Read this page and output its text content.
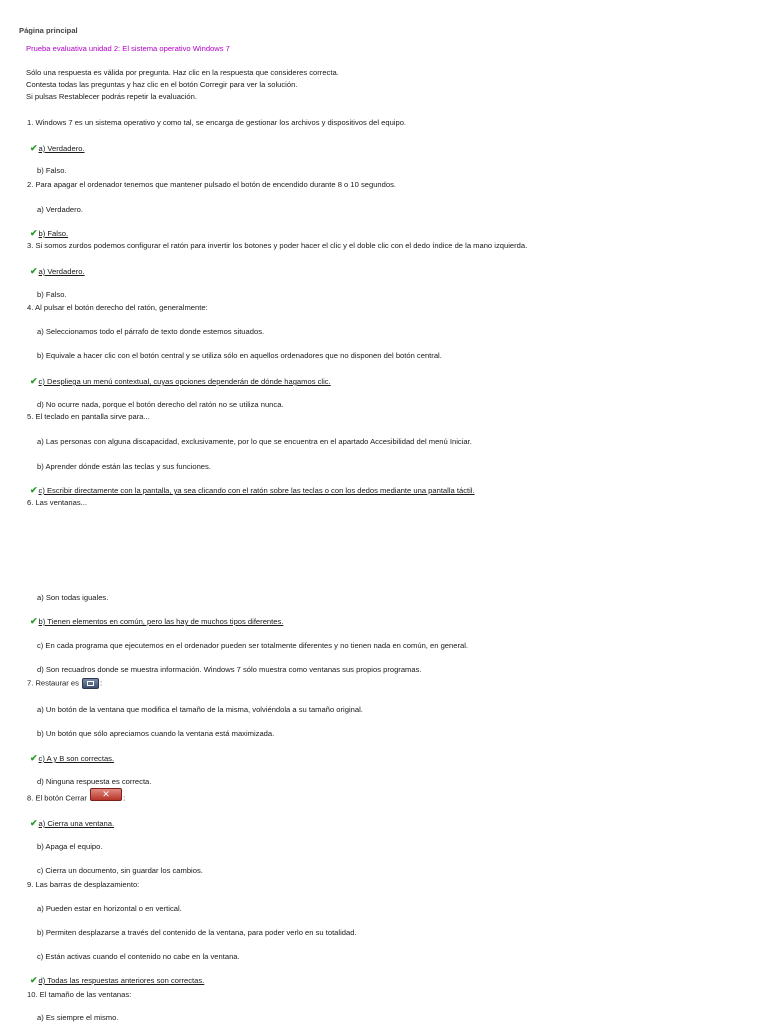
Página principal
Prueba evaluativa unidad 2: El sistema operativo Windows 7
Sólo una respuesta es válida por pregunta. Haz clic en la respuesta que consideres correcta.
Contesta todas las preguntas y haz clic en el botón Corregir para ver la solución.
Si pulsas Restablecer podrás repetir la evaluación.
1. Windows 7 es un sistema operativo y como tal, se encarga de gestionar los archivos y dispositivos del equipo.
✔a) Verdadero.
b) Falso.
2. Para apagar el ordenador tenemos que mantener pulsado el botón de encendido durante 8 o 10 segundos.
a) Verdadero.
✔b) Falso.
3. Si somos zurdos podemos configurar el ratón para invertir los botones y poder hacer el clic y el doble clic con el dedo índice de la mano izquierda.
✔a) Verdadero.
b) Falso.
4. Al pulsar el botón derecho del ratón, generalmente:
a) Seleccionamos todo el párrafo de texto donde estemos situados.
b) Equivale a hacer clic con el botón central y se utiliza sólo en aquellos ordenadores que no disponen del botón central.
✔c) Despliega un menú contextual, cuyas opciones dependerán de dónde hagamos clic.
d) No ocurre nada, porque el botón derecho del ratón no se utiliza nunca.
5. El teclado en pantalla sirve para...
a) Las personas con alguna discapacidad, exclusivamente, por lo que se encuentra en el apartado Accesibilidad del menú Iniciar.
b) Aprender dónde están las teclas y sus funciones.
✔c) Escribir directamente con la pantalla, ya sea clicando con el ratón sobre las teclas o con los dedos mediante una pantalla táctil.
6. Las ventanas...
a) Son todas iguales.
✔b) Tienen elementos en común, pero las hay de muchos tipos diferentes.
c) En cada programa que ejecutemos en el ordenador pueden ser totalmente diferentes y no tienen nada en común, en general.
d) Son recuadros donde se muestra información. Windows 7 sólo muestra como ventanas sus propios programas.
7. Restaurar es	:
a) Un botón de la ventana que modifica el tamaño de la misma, volviéndola a su tamaño original.
b) Un botón que sólo apreciamos cuando la ventana está maximizada.
✔c) A y B son correctas.
d) Ninguna respuesta es correcta.
8. El botón Cerrar ✕ :
✔a) Cierra una ventana.
b) Apaga el equipo.
c) Cierra un documento, sin guardar los cambios.
9. Las barras de desplazamiento:
a) Pueden estar en horizontal o en vertical.
b) Permiten desplazarse a través del contenido de la ventana, para poder verlo en su totalidad.
c) Están activas cuando el contenido no cabe en la ventana.
✔d) Todas las respuestas anteriores son correctas.
10. El tamaño de las ventanas:
a) Es siempre el mismo.
